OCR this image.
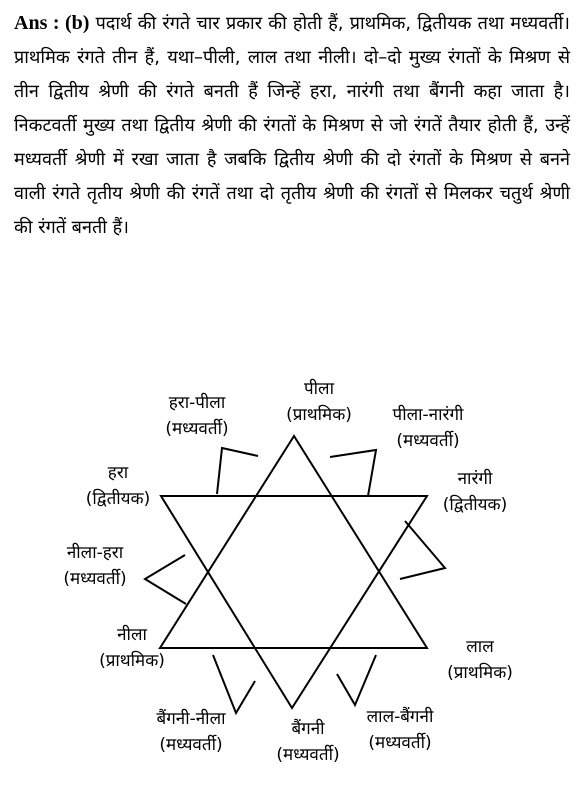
Ans : (b) पदार्थ की रंगते चार प्रकार की होती हैं, प्राथमिक, द्वितीयक तथा मध्यवर्ती। प्राथमिक रंगते तीन हैं, यथा–पीली, लाल तथा नीली। दो–दो मुख्य रंगतों के मिश्रण से तीन द्वितीय श्रेणी की रंगते बनती हैं जिन्हें हरा, नारंगी तथा बैंगनी कहा जाता है। निकटवर्ती मुख्य तथा द्वितीय श्रेणी की रंगतों के मिश्रण से जो रंगतें तैयार होती हैं, उन्हें मध्यवर्ती श्रेणी में रखा जाता है जबकि द्वितीय श्रेणी की दो रंगतों के मिश्रण से बनने वाली रंगते तृतीय श्रेणी की रंगतें तथा दो तृतीय श्रेणी की रंगतों से मिलकर चतुर्थ श्रेणी की रंगतें बनती हैं।
पीला
(प्राथमिक)	पीला-नारंगी
(मध्यवर्ती)
नारंगी
(द्वितीयक)
लाल
(प्राथमिक)
लाल-बैंगनी
(मध्यवर्ती)
बैंगनी
(मध्यवर्ती)
बैंगनी-नीला
(मध्यवर्ती)
नीला
(प्राथमिक)
नीला-हरा
(मध्यवर्ती)
हरा
(द्वितीयक)
हरा-पीला
(मध्यवर्ती)
